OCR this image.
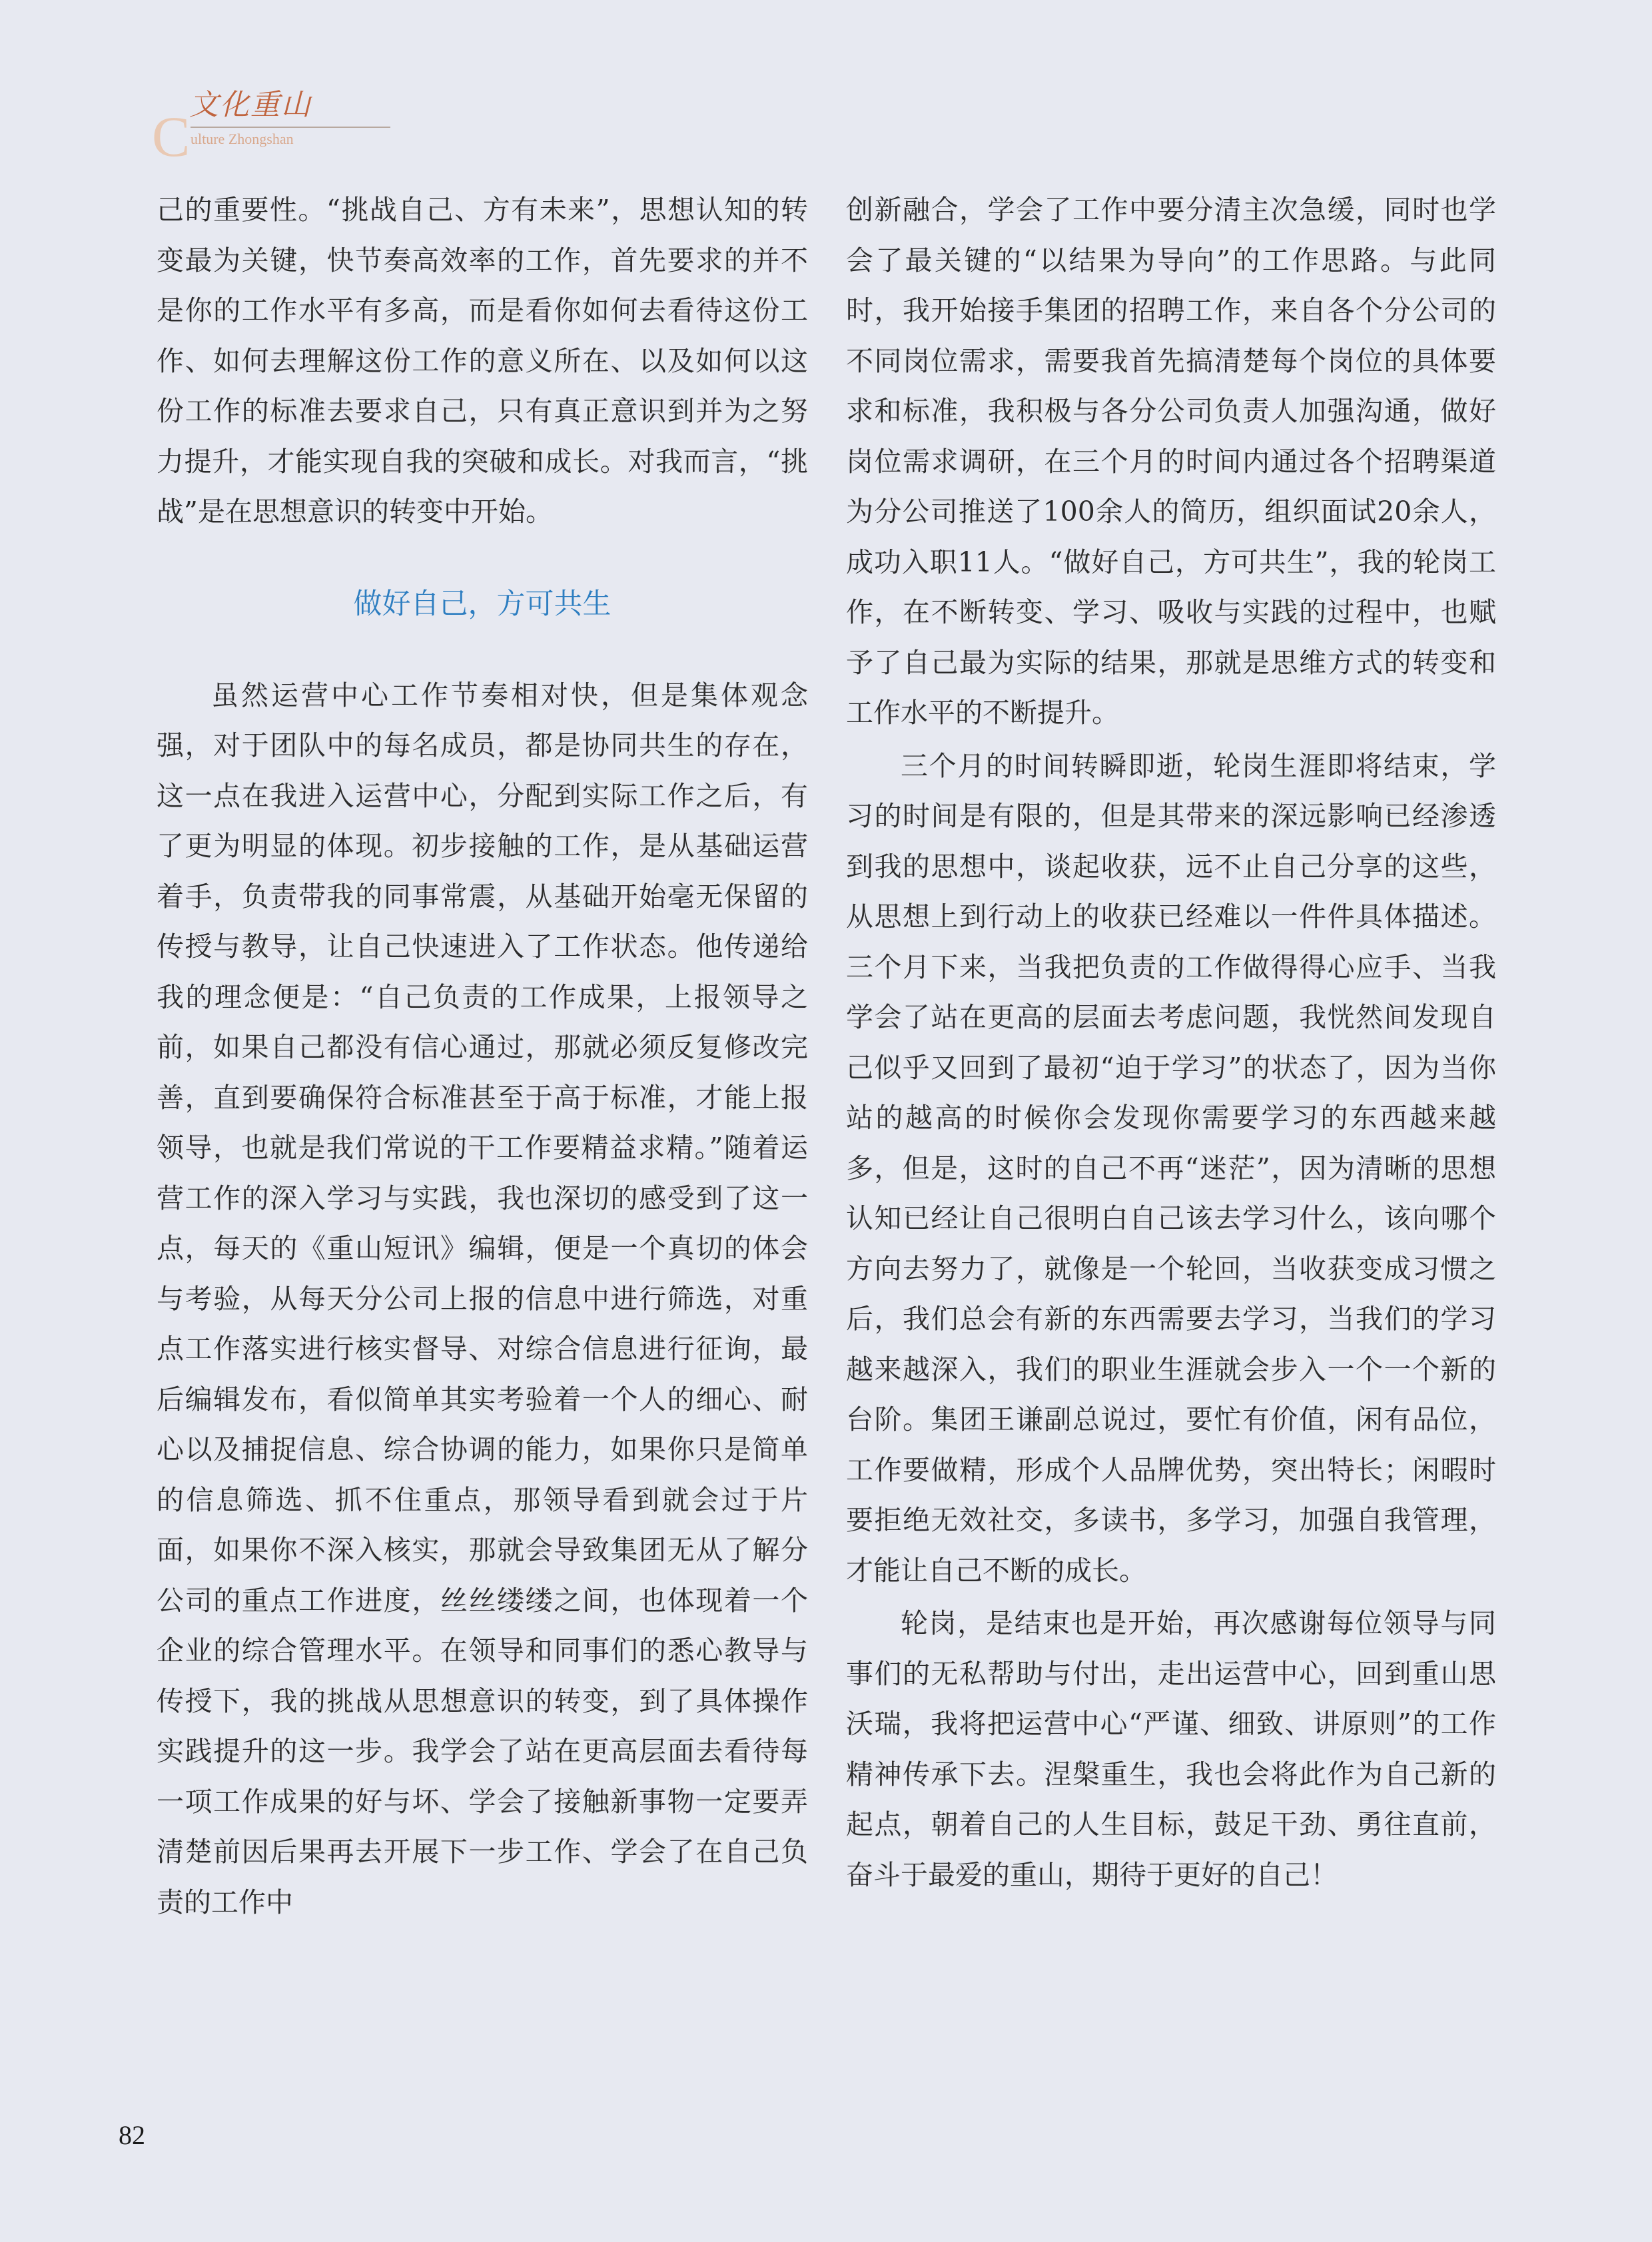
C
文化重山
ulture Zhongshan

己的重要性。“挑战自己、方有未来”，思想认知的转变最为关键，快节奏高效率的工作，首先要求的并不是你的工作水平有多高，而是看你如何去看待这份工作、如何去理解这份工作的意义所在、以及如何以这份工作的标准去要求自己，只有真正意识到并为之努力提升，才能实现自我的突破和成长。对我而言，“挑战”是在思想意识的转变中开始。

做好自己，方可共生

虽然运营中心工作节奏相对快，但是集体观念强，对于团队中的每名成员，都是协同共生的存在，这一点在我进入运营中心，分配到实际工作之后，有了更为明显的体现。初步接触的工作，是从基础运营着手，负责带我的同事常震，从基础开始毫无保留的传授与教导，让自己快速进入了工作状态。他传递给我的理念便是：“自己负责的工作成果，上报领导之前，如果自己都没有信心通过，那就必须反复修改完善，直到要确保符合标准甚至于高于标准，才能上报领导，也就是我们常说的干工作要精益求精。”随着运营工作的深入学习与实践，我也深切的感受到了这一点，每天的《重山短讯》编辑，便是一个真切的体会与考验，从每天分公司上报的信息中进行筛选，对重点工作落实进行核实督导、对综合信息进行征询，最后编辑发布，看似简单其实考验着一个人的细心、耐心以及捕捉信息、综合协调的能力，如果你只是简单的信息筛选、抓不住重点，那领导看到就会过于片面，如果你不深入核实，那就会导致集团无从了解分公司的重点工作进度，丝丝缕缕之间，也体现着一个企业的综合管理水平。在领导和同事们的悉心教导与传授下，我的挑战从思想意识的转变，到了具体操作实践提升的这一步。我学会了站在更高层面去看待每一项工作成果的好与坏、学会了接触新事物一定要弄清楚前因后果再去开展下一步工作、学会了在自己负责的工作中

创新融合，学会了工作中要分清主次急缓，同时也学会了最关键的“以结果为导向”的工作思路。与此同时，我开始接手集团的招聘工作，来自各个分公司的不同岗位需求，需要我首先搞清楚每个岗位的具体要求和标准，我积极与各分公司负责人加强沟通，做好岗位需求调研，在三个月的时间内通过各个招聘渠道为分公司推送了100余人的简历，组织面试20余人，成功入职11人。“做好自己，方可共生”，我的轮岗工作，在不断转变、学习、吸收与实践的过程中，也赋予了自己最为实际的结果，那就是思维方式的转变和工作水平的不断提升。

三个月的时间转瞬即逝，轮岗生涯即将结束，学习的时间是有限的，但是其带来的深远影响已经渗透到我的思想中，谈起收获，远不止自己分享的这些，从思想上到行动上的收获已经难以一件件具体描述。三个月下来，当我把负责的工作做得得心应手、当我学会了站在更高的层面去考虑问题，我恍然间发现自己似乎又回到了最初“迫于学习”的状态了，因为当你站的越高的时候你会发现你需要学习的东西越来越多，但是，这时的自己不再“迷茫”，因为清晰的思想认知已经让自己很明白自己该去学习什么，该向哪个方向去努力了，就像是一个轮回，当收获变成习惯之后，我们总会有新的东西需要去学习，当我们的学习越来越深入，我们的职业生涯就会步入一个一个新的台阶。集团王谦副总说过，要忙有价值，闲有品位，工作要做精，形成个人品牌优势，突出特长；闲暇时要拒绝无效社交，多读书，多学习，加强自我管理，才能让自己不断的成长。

轮岗，是结束也是开始，再次感谢每位领导与同事们的无私帮助与付出，走出运营中心，回到重山思沃瑞，我将把运营中心“严谨、细致、讲原则”的工作精神传承下去。涅槃重生，我也会将此作为自己新的起点，朝着自己的人生目标，鼓足干劲、勇往直前，奋斗于最爱的重山，期待于更好的自己！

82
